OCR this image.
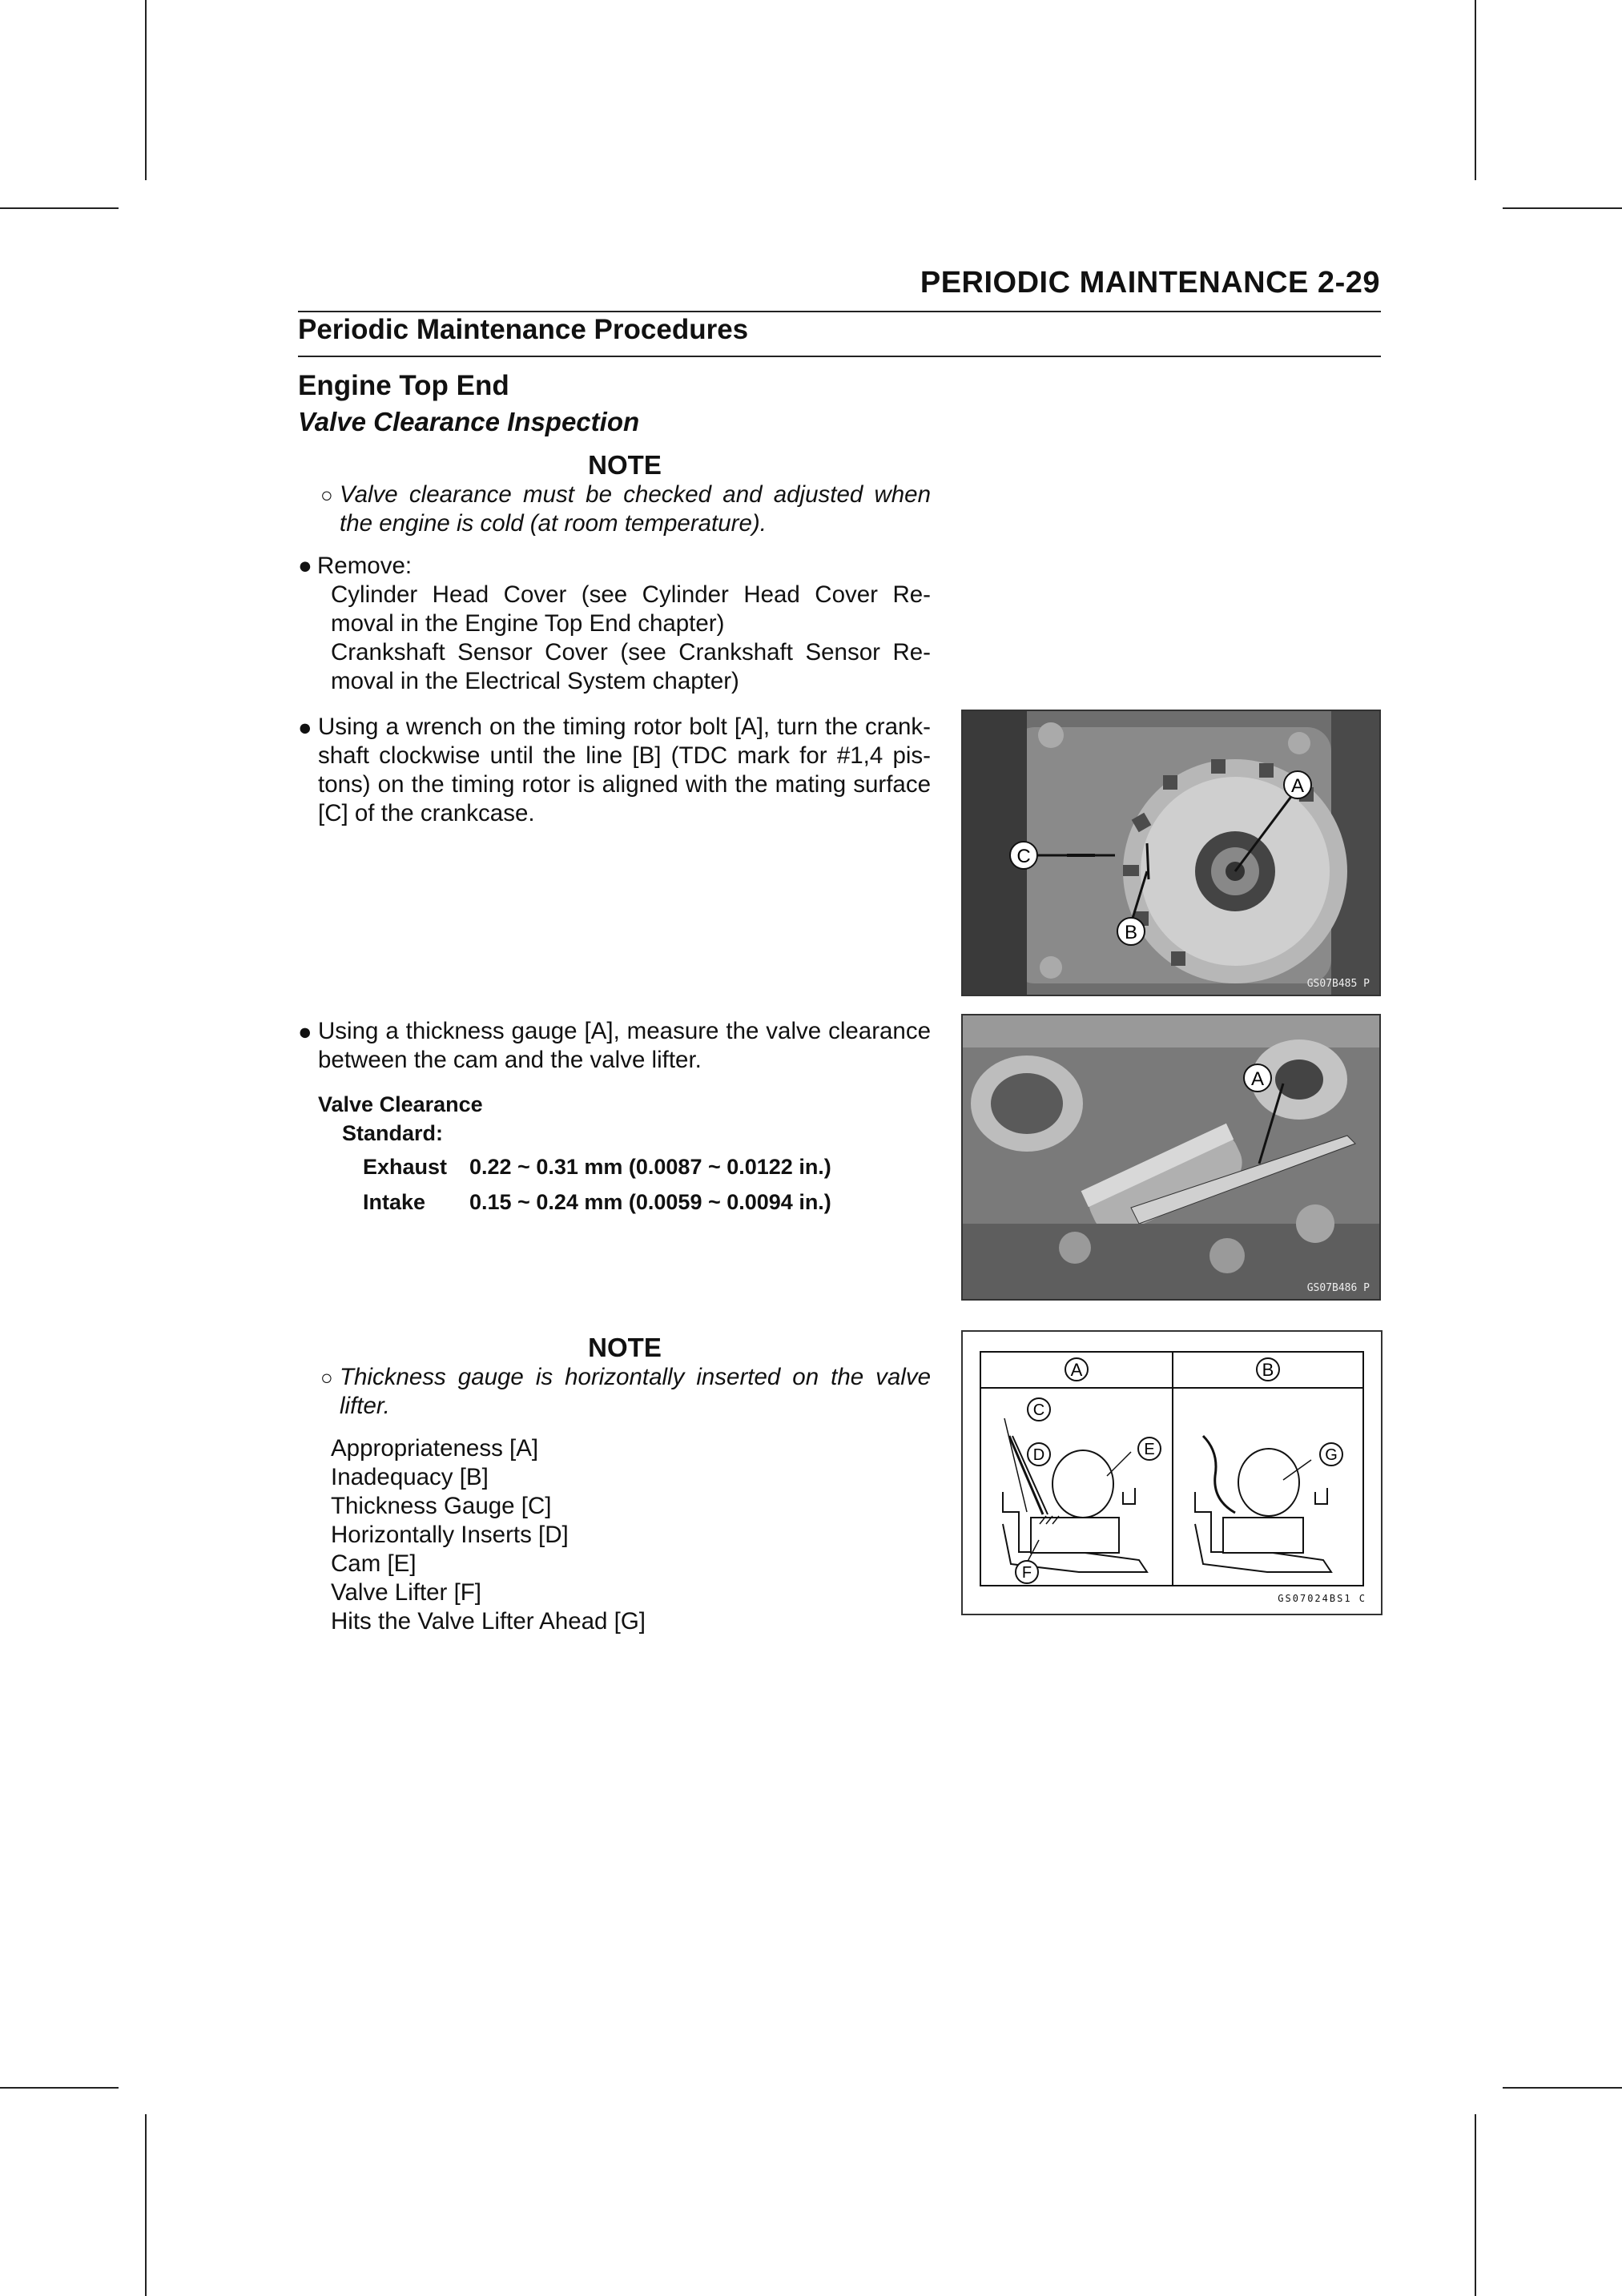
PERIODIC MAINTENANCE 2-29
Periodic Maintenance Procedures
Engine Top End
Valve Clearance Inspection
NOTE
○ Valve clearance must be checked and adjusted when
the engine is cold (at room temperature).
● Remove:
Cylinder Head Cover (see Cylinder Head Cover Re-
moval in the Engine Top End chapter)
Crankshaft Sensor Cover (see Crankshaft Sensor Re-
moval in the Electrical System chapter)
● Using a wrench on the timing rotor bolt [A], turn the crank-
shaft clockwise until the line [B] (TDC mark for #1,4 pis-
tons) on the timing rotor is aligned with the mating surface
[C] of the crankcase.
A
C
B
GS07B485 P
● Using a thickness gauge [A], measure the valve clearance
between the cam and the valve lifter.
Valve Clearance
Standard:
Exhaust 0.22 ~ 0.31 mm (0.0087 ~ 0.0122 in.)
Intake 0.15 ~ 0.24 mm (0.0059 ~ 0.0094 in.)
A
GS07B486 P
NOTE
○ Thickness gauge is horizontally inserted on the valve
lifter.
Appropriateness [A]
Inadequacy [B]
Thickness Gauge [C]
Horizontally Inserts [D]
Cam [E]
Valve Lifter [F]
Hits the Valve Lifter Ahead [G]
A	B
C
D	E
F
G
GS07024BS1 C
